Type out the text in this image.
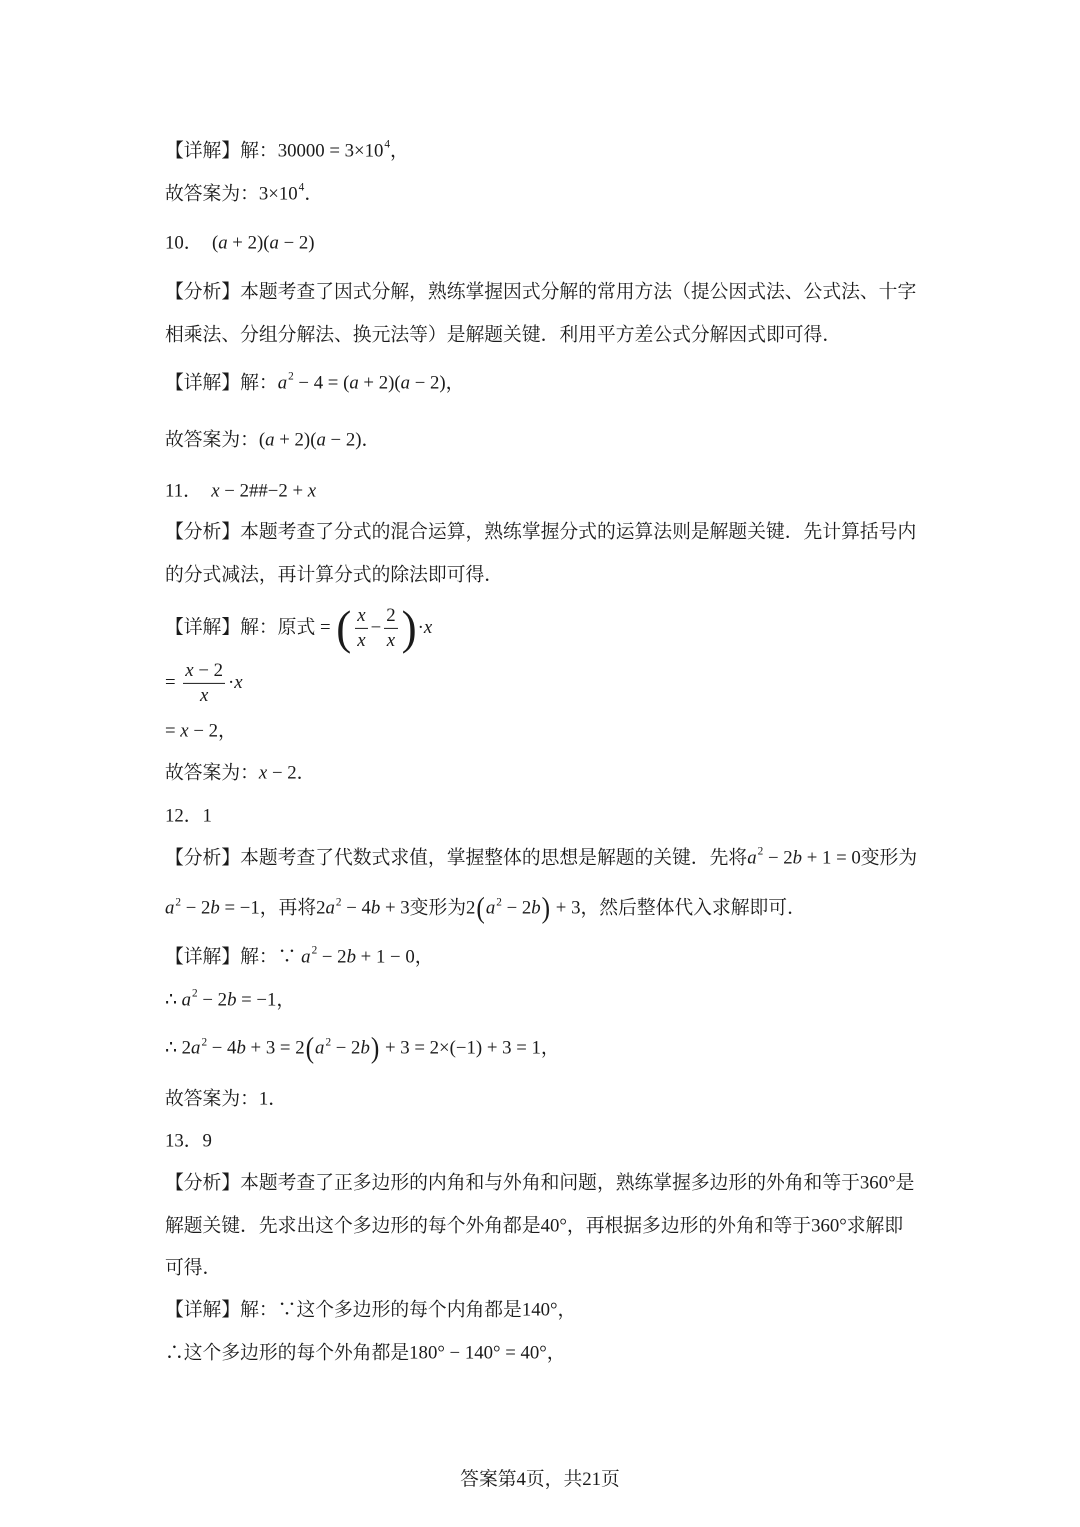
【详解】解： 30000 = 3×10 4 ，
故答案为： 3×10 4 ．
10．  ( a + 2)( a − 2)
【分析】本题考查了因式分解，熟练掌握因式分解的常用方法（提公因式法、公式法、十字
相乘法、分组分解法、换元法等）是解题关键．利用平方差公式分解因式即可得．
【详解】解： a 2 − 4 = ( a + 2)( a − 2) ，
故答案为： ( a + 2)( a − 2) ．
11． x − 2##−2 + x
【分析】本题考查了分式的混合运算，熟练掌握分式的运算法则是解题关键．先计算括号内
的分式减法，再计算分式的除法即可得．
【详解】解：原式 = ( $\frac{x}{x} - \frac{2}{x}$ ) · x
= $\frac{x - 2}{x} \cdot x$
= x − 2 ，
故答案为： x − 2 ．
12．1
【分析】本题考查了代数式求值，掌握整体的思想是解题的关键．先将 a 2 − 2 b + 1 = 0 变形为
a 2 − 2 b = −1 ，再将 2 a 2 − 4 b + 3 变形为 2 ( a 2 − 2 b ) + 3 ，然后整体代入求解即可．
【详解】解：∵ a 2 − 2 b + 1 − 0 ，
∴ a 2 − 2 b = −1 ，
∴ 2 a 2 − 4 b + 3 = 2 ( a 2 − 2 b ) + 3 = 2×(−1) + 3 = 1 ，
故答案为：1．
13．9
【分析】本题考查了正多边形的内角和与外角和问题，熟练掌握多边形的外角和等于 360° 是
解题关键．先求出这个多边形的每个外角都是 40° ，再根据多边形的外角和等于 360° 求解即
可得．
【详解】解：∵这个多边形的每个内角都是 140° ，
∴这个多边形的每个外角都是 180° − 140° = 40° ，
答案第4页，共21页
